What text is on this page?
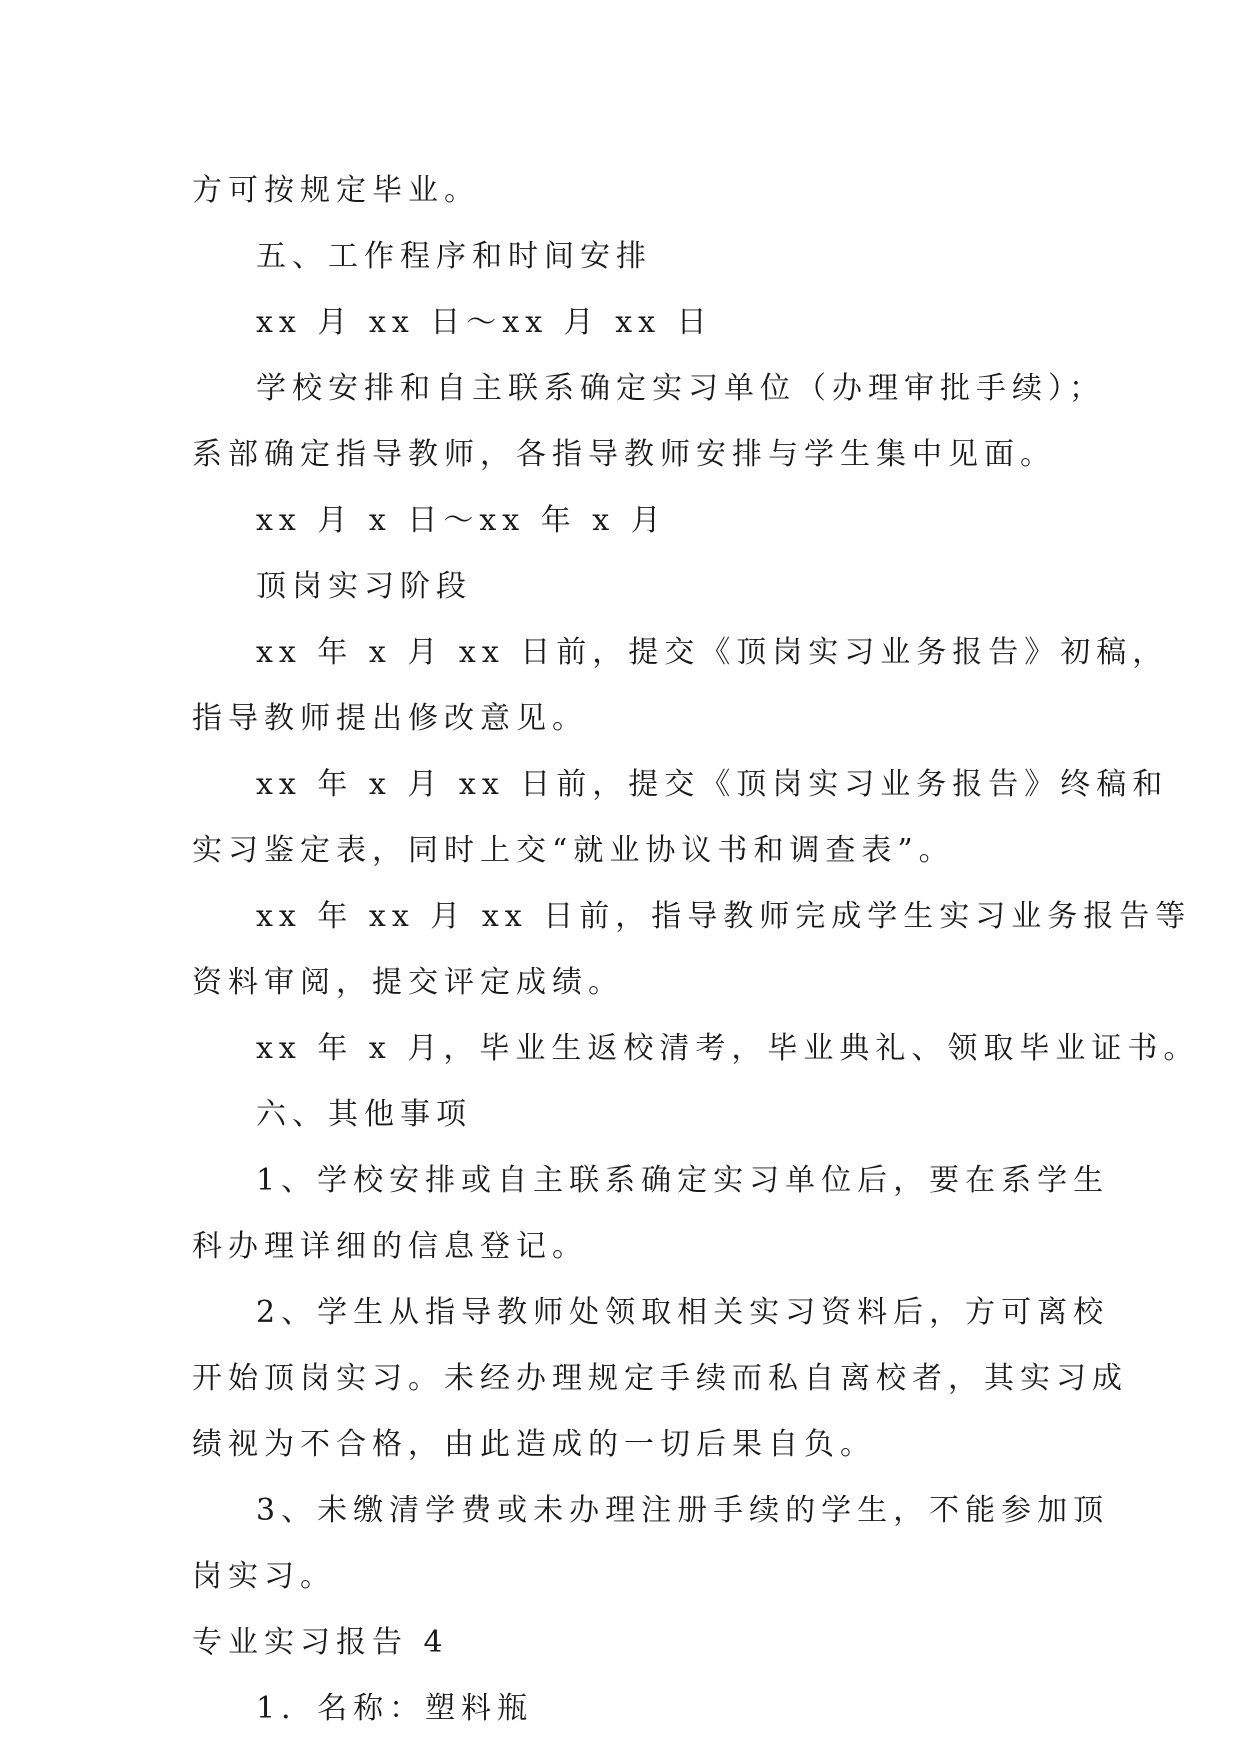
方可按规定毕业。

五、工作程序和时间安排

xx 月 xx 日～xx 月 xx 日

学校安排和自主联系确定实习单位（办理审批手续）；

系部确定指导教师，各指导教师安排与学生集中见面。

xx 月 x 日～xx 年 x 月

顶岗实习阶段

xx 年 x 月 xx 日前，提交《顶岗实习业务报告》初稿，

指导教师提出修改意见。

xx 年 x 月 xx 日前，提交《顶岗实习业务报告》终稿和

实习鉴定表，同时上交“就业协议书和调查表”。

xx 年 xx 月 xx 日前，指导教师完成学生实习业务报告等

资料审阅，提交评定成绩。

xx 年 x 月，毕业生返校清考，毕业典礼、领取毕业证书。

六、其他事项

1、学校安排或自主联系确定实习单位后，要在系学生

科办理详细的信息登记。

2、学生从指导教师处领取相关实习资料后，方可离校

开始顶岗实习。未经办理规定手续而私自离校者，其实习成

绩视为不合格，由此造成的一切后果自负。

3、未缴清学费或未办理注册手续的学生，不能参加顶

岗实习。

专业实习报告 4

1．名称：塑料瓶
